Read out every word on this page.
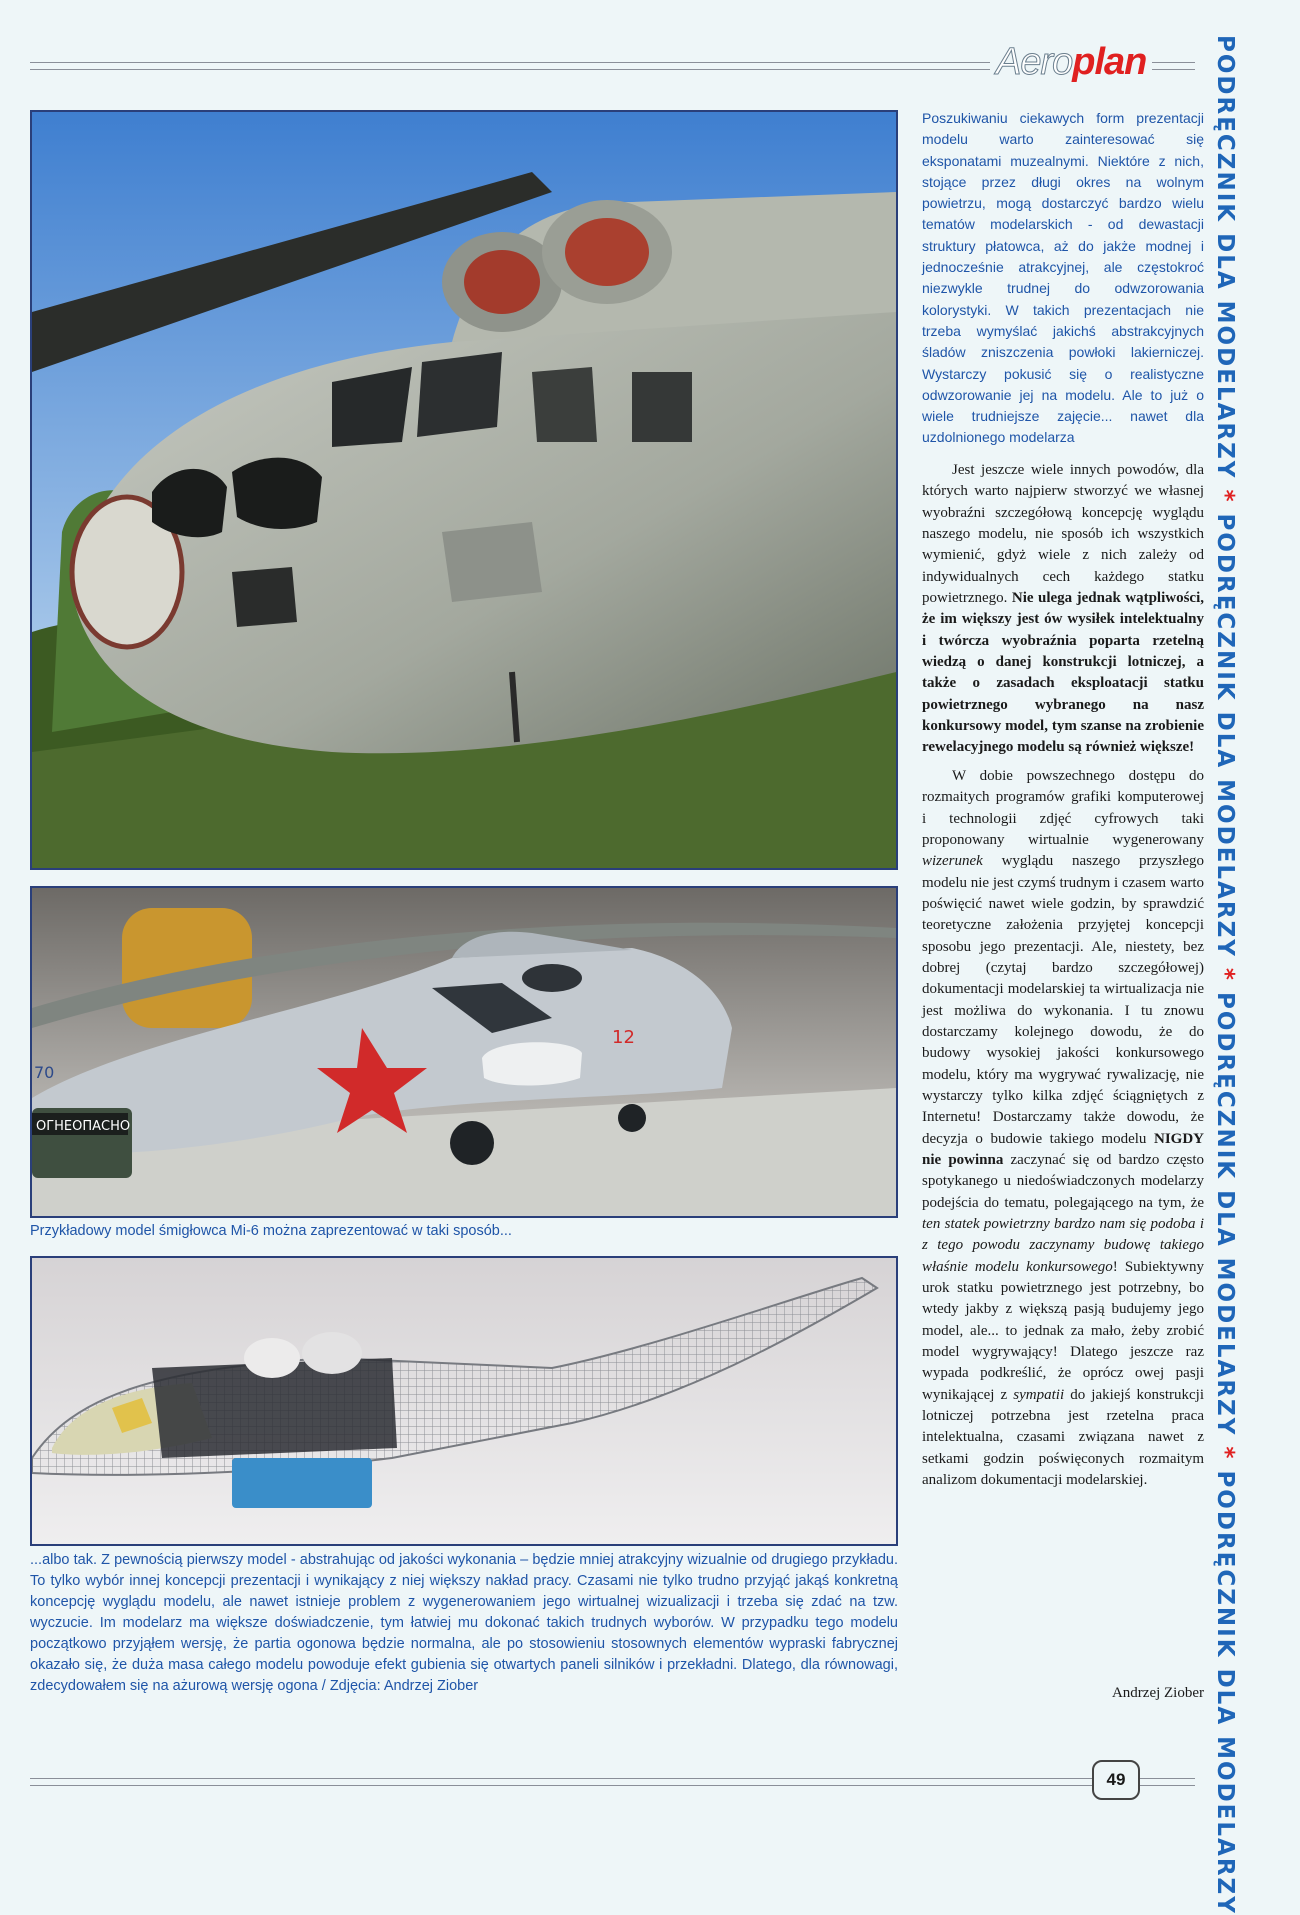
Aeroplan	PODRĘCZNIK DLA MODELARZY * PODRĘCZNIK DLA MODELARZY * PODRĘCZNIK DLA MODELARZY * PODRĘCZNIK DLA MODELARZY
ОГНЕОПАСНО
12
70
Przykładowy model śmigłowca Mi-6 można zaprezentować w taki sposób...
...albo tak. Z pewnością pierwszy model - abstrahując od jakości wykonania – będzie mniej atrakcyjny wizualnie od drugiego przykładu. To tylko wybór innej koncepcji prezentacji i wynikający z niej większy nakład pracy. Czasami nie tylko trudno przyjąć jakąś konkretną koncepcję wyglądu modelu, ale nawet istnieje problem z wygenerowaniem jego wirtualnej wizualizacji i trzeba się zdać na tzw. wyczucie. Im modelarz ma większe doświadczenie, tym łatwiej mu dokonać takich trudnych wyborów. W przypadku tego modelu początkowo przyjąłem wersję, że partia ogonowa będzie normalna, ale po stosowieniu stosownych elementów wypraski fabrycznej okazało się, że duża masa całego modelu powoduje efekt gubienia się otwartych paneli silników i przekładni. Dlatego, dla równowagi, zdecydowałem się na ażurową wersję ogona / Zdjęcia: Andrzej Ziober
Poszukiwaniu ciekawych form prezentacji modelu warto zainteresować się eksponatami muzealnymi. Niektóre z nich, stojące przez długi okres na wolnym powietrzu, mogą dostarczyć bardzo wielu tematów modelarskich - od dewastacji struktury płatowca, aż do jakże modnej i jednocześnie atrakcyjnej, ale częstokroć niezwykle trudnej do odwzorowania kolorystyki. W takich prezentacjach nie trzeba wymyślać jakichś abstrakcyjnych śladów zniszczenia powłoki lakierniczej. Wystarczy pokusić się o realistyczne odwzorowanie jej na modelu. Ale to już o wiele trudniejsze zajęcie... nawet dla uzdolnionego modelarza

Jest jeszcze wiele innych powodów, dla których warto najpierw stworzyć we własnej wyobraźni szczegółową koncepcję wyglądu naszego modelu, nie sposób ich wszystkich wymienić, gdyż wiele z nich zależy od indywidualnych cech każdego statku powietrznego. Nie ulega jednak wątpliwości, że im większy jest ów wysiłek intelektualny i twórcza wyobraźnia poparta rzetelną wiedzą o danej konstrukcji lotniczej, a także o zasadach eksploatacji statku powietrznego wybranego na nasz konkursowy model, tym szanse na zrobienie rewelacyjnego modelu są również większe!

W dobie powszechnego dostępu do rozmaitych programów grafiki komputerowej i technologii zdjęć cyfrowych taki proponowany wirtualnie wygenerowany wizerunek wyglądu naszego przyszłego modelu nie jest czymś trudnym i czasem warto poświęcić nawet wiele godzin, by sprawdzić teoretyczne założenia przyjętej koncepcji sposobu jego prezentacji. Ale, niestety, bez dobrej (czytaj bardzo szczegółowej) dokumentacji modelarskiej ta wirtualizacja nie jest możliwa do wykonania. I tu znowu dostarczamy kolejnego dowodu, że do budowy wysokiej jakości konkursowego modelu, który ma wygrywać rywalizację, nie wystarczy tylko kilka zdjęć ściągniętych z Internetu! Dostarczamy także dowodu, że decyzja o budowie takiego modelu NIGDY nie powinna zaczynać się od bardzo często spotykanego u niedoświadczonych modelarzy podejścia do tematu, polegającego na tym, że ten statek powietrzny bardzo nam się podoba i z tego powodu zaczynamy budowę takiego właśnie modelu konkursowego! Subiektywny urok statku powietrznego jest potrzebny, bo wtedy jakby z większą pasją budujemy jego model, ale... to jednak za mało, żeby zrobić model wygrywający! Dlatego jeszcze raz wypada podkreślić, że oprócz owej pasji wynikającej z sympatii do jakiejś konstrukcji lotniczej potrzebna jest rzetelna praca intelektualna, czasami związana nawet z setkami godzin poświęconych rozmaitym analizom dokumentacji modelarskiej.

Andrzej Ziober
49
